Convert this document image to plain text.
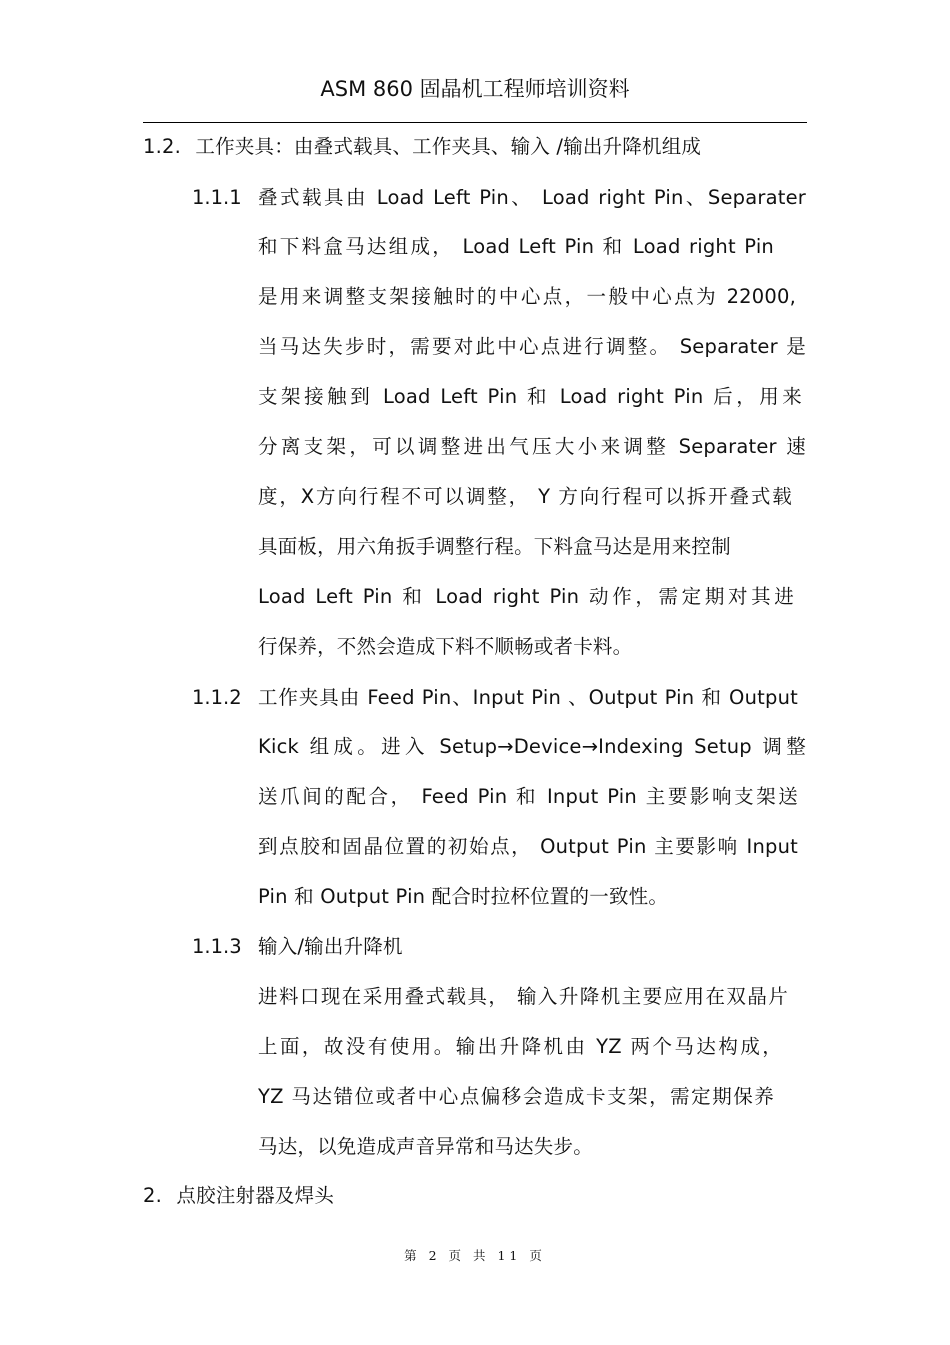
ASM 860 固晶机工程师培训资料
1.2. 工作夹具：由叠式载具、工作夹具、输入 /输出升降机组成
1.1.1 叠式载具由 Load Left Pin、 Load right Pin、Separater
和下料盒马达组成， Load Left Pin 和 Load right Pin
是用来调整支架接触时的中心点，一般中心点为 22000,
当马达失步时，需要对此中心点进行调整。 Separater 是
支架接触到 Load Left Pin 和 Load right Pin 后，用来
分离支架，可以调整进出气压大小来调整 Separater 速
度，X方向行程不可以调整， Y 方向行程可以拆开叠式载
具面板，用六角扳手调整行程。下料盒马达是用来控制
Load Left Pin 和 Load right Pin 动作，需定期对其进
行保养，不然会造成下料不顺畅或者卡料。
1.1.2 工作夹具由 Feed Pin、Input Pin 、Output Pin 和 Output
Kick 组成。进入 Setup→Device→Indexing Setup 调整
送爪间的配合， Feed Pin 和 Input Pin 主要影响支架送
到点胶和固晶位置的初始点， Output Pin 主要影响 Input
Pin 和 Output Pin 配合时拉杯位置的一致性。
1.1.3 输入/输出升降机
进料口现在采用叠式载具， 输入升降机主要应用在双晶片
上面，故没有使用。输出升降机由 YZ 两个马达构成，
YZ 马达错位或者中心点偏移会造成卡支架，需定期保养
马达，以免造成声音异常和马达失步。
2. 点胶注射器及焊头
第 2 页 共 11 页
